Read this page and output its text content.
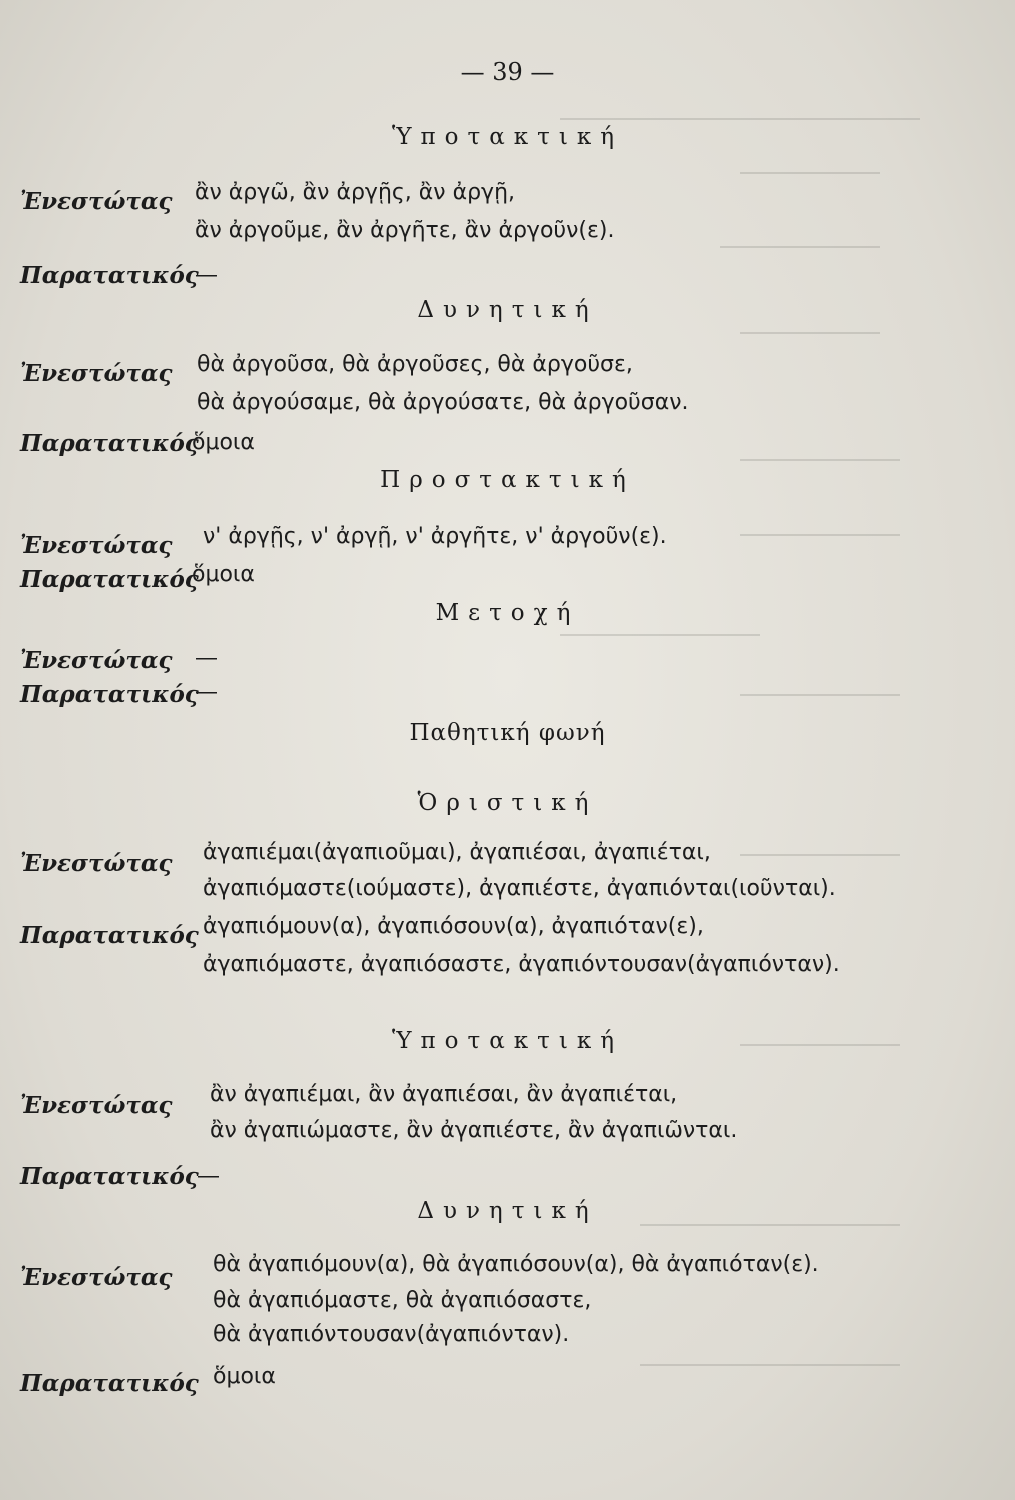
— 39 —
Ὑποτακτική
Ἐνεστώτας ἂν ἀργῶ, ἂν ἀργῇς, ἂν ἀργῇ,
ἂν ἀργοῦμε, ἂν ἀργῆτε, ἂν ἀργοῦν(ε).
Παρατατικός
—
Δυνητική
Ἐνεστώτας θὰ ἀργοῦσα, θὰ ἀργοῦσες, θὰ ἀργοῦσε,
θὰ ἀργούσαμε, θὰ ἀργούσατε, θὰ ἀργοῦσαν.
Παρατατικός
ὅμοια
Προστακτική
Ἐνεστώτας ν' ἀργῇς, ν' ἀργῇ, ν' ἀργῆτε, ν' ἀργοῦν(ε).
Παρατατικός
ὅμοια
Μετοχή
Ἐνεστώτας —
Παρατατικός
—
Παθητική φωνή
Ὁριστική
Ἐνεστώτας ἀγαπιέμαι(ἀγαπιοῦμαι), ἀγαπιέσαι, ἀγαπιέται,
ἀγαπιόμαστε(ιούμαστε), ἀγαπιέστε, ἀγαπιόνται(ιοῦνται).
Παρατατικός ἀγαπιόμουν(α), ἀγαπιόσουν(α), ἀγαπιόταν(ε),
ἀγαπιόμαστε, ἀγαπιόσαστε, ἀγαπιόντουσαν(ἀγαπιόνταν).
Ὑποτακτική
Ἐνεστώτας ἂν ἀγαπιέμαι, ἂν ἀγαπιέσαι, ἂν ἀγαπιέται,
ἂν ἀγαπιώμαστε, ἂν ἀγαπιέστε, ἂν ἀγαπιῶνται.
Παρατατικός
—
Δυνητική
Ἐνεστώτας θὰ ἀγαπιόμουν(α), θὰ ἀγαπιόσουν(α), θὰ ἀγαπιόταν(ε).
θὰ ἀγαπιόμαστε, θὰ ἀγαπιόσαστε,
θὰ ἀγαπιόντουσαν(ἀγαπιόνταν).
Παρατατικός ὅμοια
